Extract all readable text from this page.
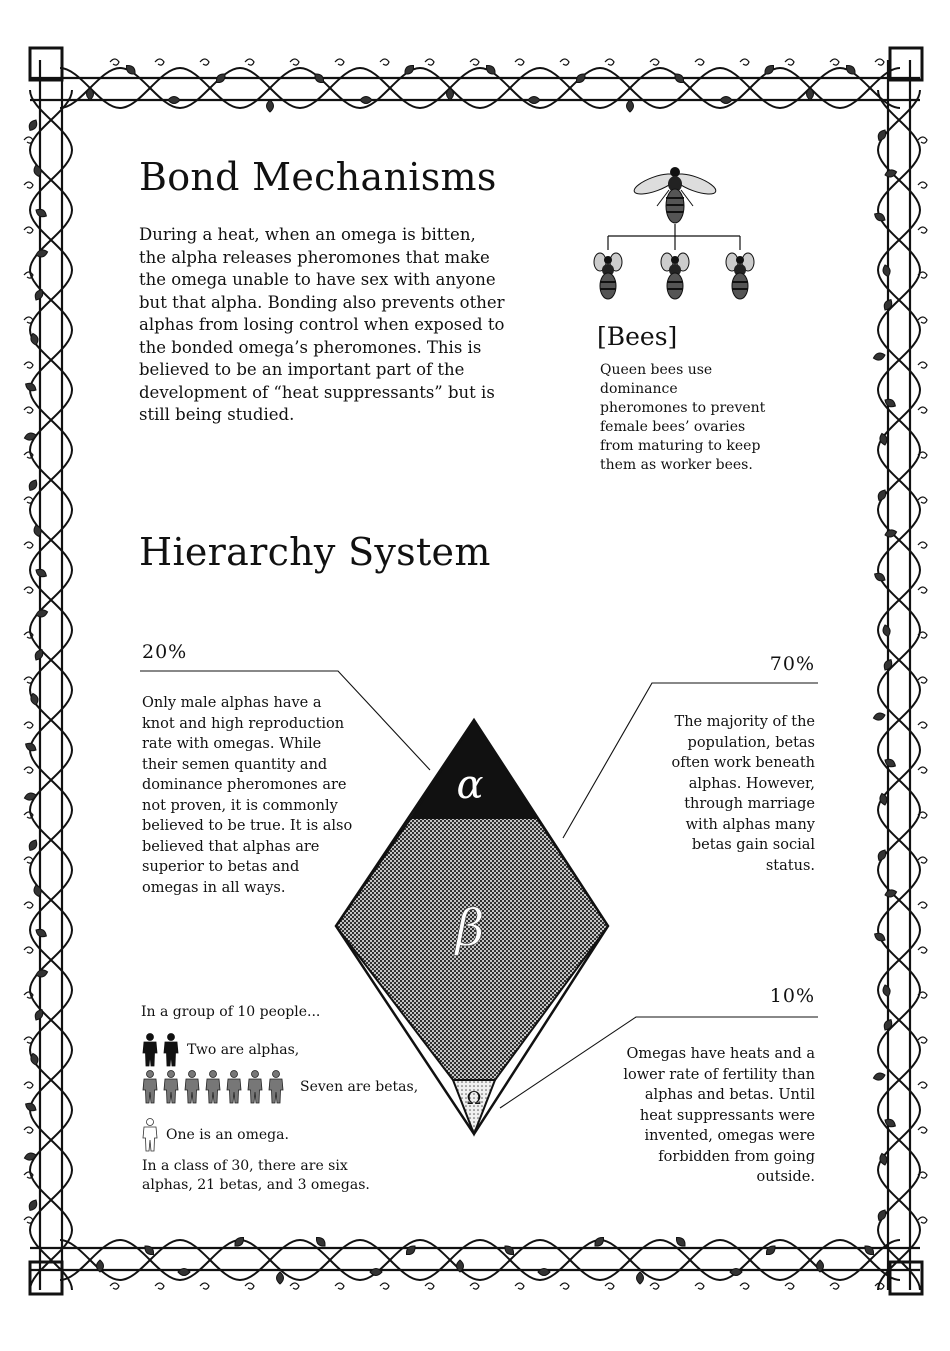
Bond Mechanisms
During a heat, when an omega is bitten, the alpha releases pheromones that make the omega unable to have sex with anyone but that alpha. Bonding also prevents other alphas from losing control when exposed to the bonded omega’s pheromones. This is believed to be an important part of the development of “heat suppressants” but is still being studied.
[Bees]
Queen bees use dominance pheromones to prevent female bees’ ovaries from maturing to keep them as worker bees.
Hierarchy System
α
β
Ω
20%
Only male alphas have a knot and high reproduction rate with omegas. While their semen quantity and dominance pheromones are not proven, it is commonly believed to be true. It is also believed that alphas are superior to betas and omegas in all ways.
70%
The majority of the population, betas often work beneath alphas. However, through marriage with alphas many betas gain social status.
10%
Omegas have heats and a lower rate of fertility than alphas and betas. Until heat suppressants were invented, omegas were forbidden from going outside.
In a group of 10 people...
Two are alphas,
Seven are betas,
One is an omega.
In a class of 30, there are six alphas, 21 betas, and 3 omegas.
